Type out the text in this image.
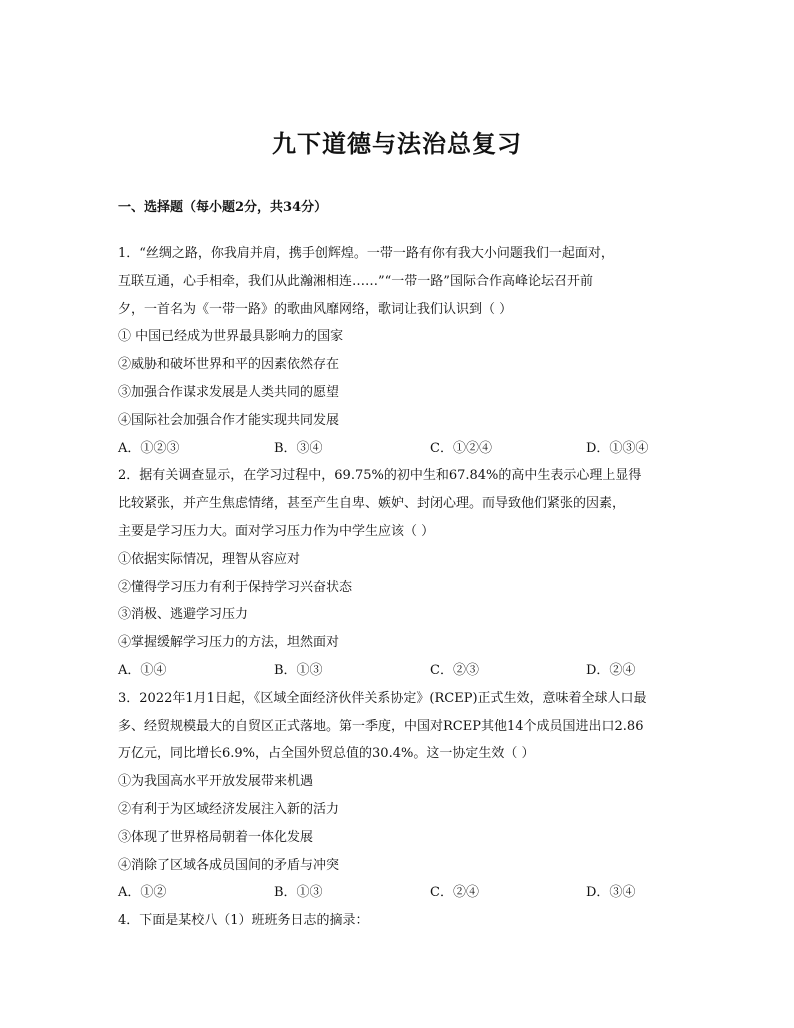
九下道德与法治总复习
一、选择题（每小题2分，共34分）
1．“丝绸之路，你我肩并肩，携手创辉煌。一带一路有你有我大小问题我们一起面对，
互联互通，心手相牵，我们从此瀚湘相连……”“一带一路”国际合作高峰论坛召开前
夕，一首名为《一带一路》的歌曲风靡网络，歌词让我们认识到（ ）
① 中国已经成为世界最具影响力的国家
②威胁和破坏世界和平的因素依然存在
③加强合作谋求发展是人类共同的愿望
④国际社会加强合作才能实现共同发展
A．①②③	B．③④	C．①②④	D．①③④
2．据有关调查显示，在学习过程中，69.75%的初中生和67.84%的高中生表示心理上显得
比较紧张，并产生焦虑情绪，甚至产生自卑、嫉妒、封闭心理。而导致他们紧张的因素，
主要是学习压力大。面对学习压力作为中学生应该（ ）
①依据实际情况，理智从容应对
②懂得学习压力有利于保持学习兴奋状态
③消极、逃避学习压力
④掌握缓解学习压力的方法，坦然面对
A．①④	B．①③	C．②③	D．②④
3．2022年1月1日起，《区域全面经济伙伴关系协定》(RCEP)正式生效，意味着全球人口最
多、经贸规模最大的自贸区正式落地。第一季度，中国对RCEP其他14个成员国进出口2.86
万亿元，同比增长6.9%，占全国外贸总值的30.4%。这一协定生效（ ）
①为我国高水平开放发展带来机遇
②有利于为区域经济发展注入新的活力
③体现了世界格局朝着一体化发展
④消除了区域各成员国间的矛盾与冲突
A．①②	B．①③	C．②④	D．③④
4．下面是某校八（1）班班务日志的摘录：
